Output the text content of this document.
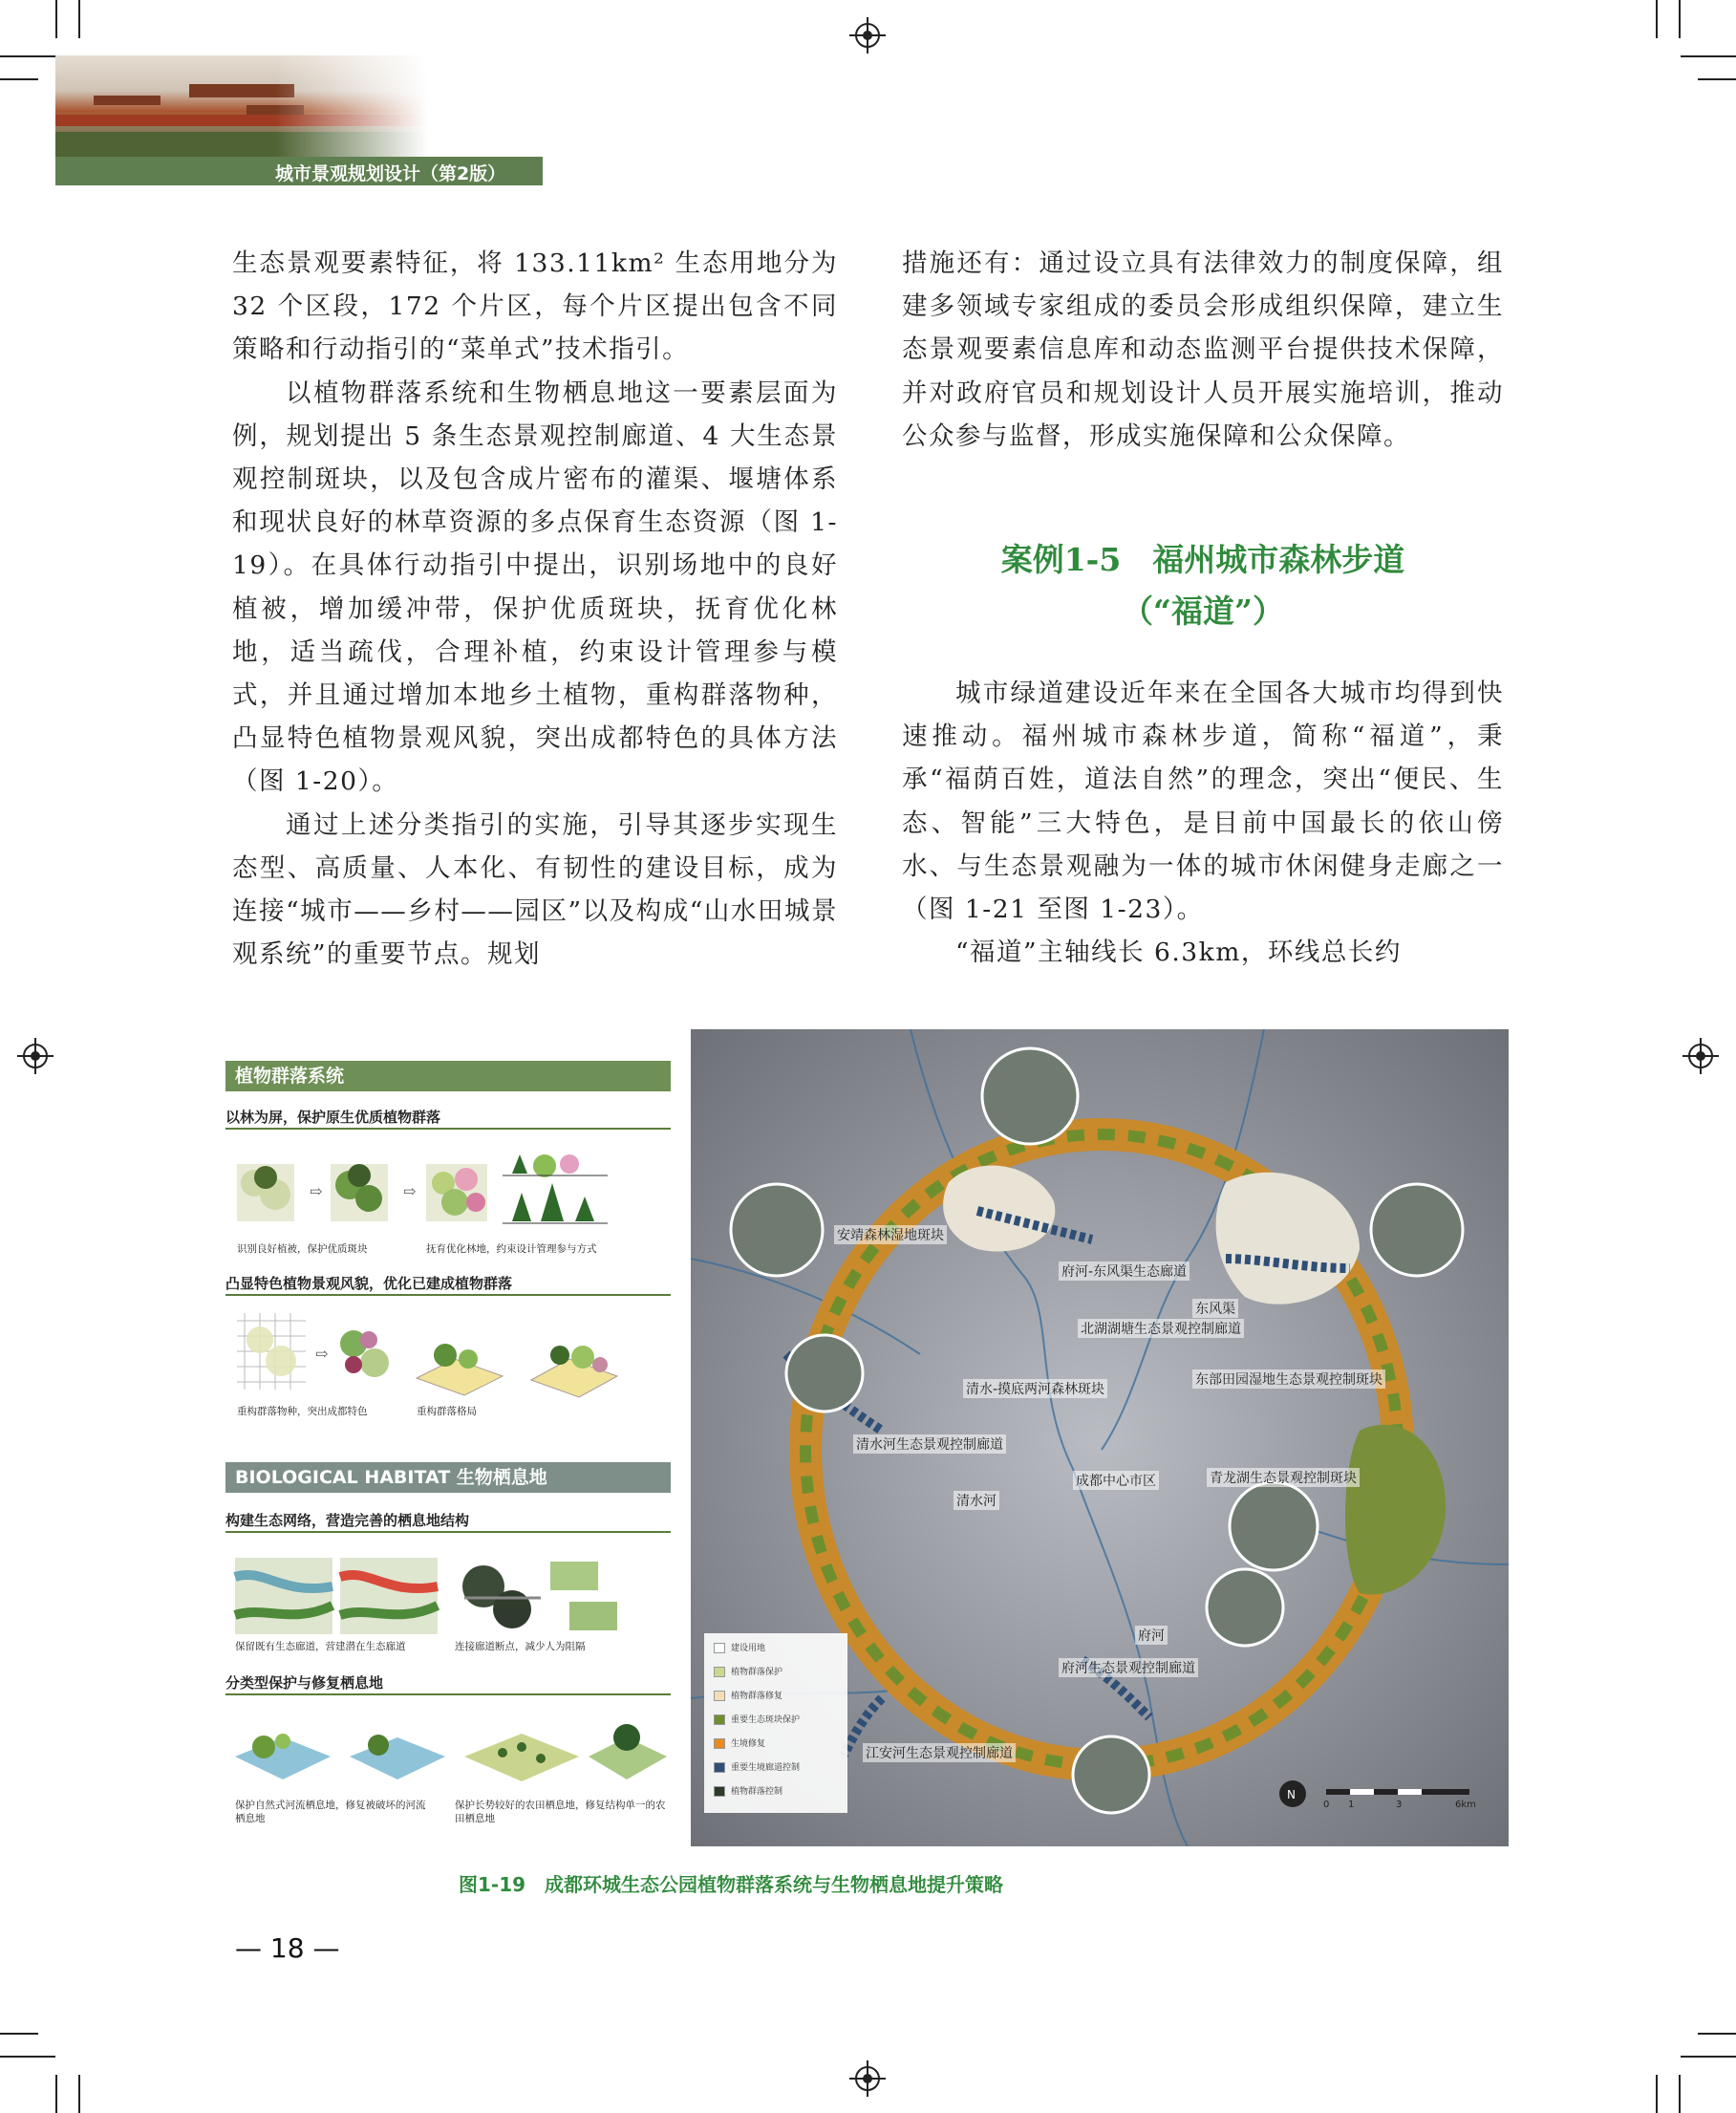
城市景观规划设计（第2版）

生态景观要素特征，将 133.11km² 生态用地分为 32 个区段，172 个片区，每个片区提出包含不同策略和行动指引的“菜单式”技术指引。

以植物群落系统和生物栖息地这一要素层面为例，规划提出 5 条生态景观控制廊道、4 大生态景观控制斑块，以及包含成片密布的灌渠、堰塘体系和现状良好的林草资源的多点保育生态资源（图 1-19）。在具体行动指引中提出，识别场地中的良好植被，增加缓冲带，保护优质斑块，抚育优化林地，适当疏伐，合理补植，约束设计管理参与模式，并且通过增加本地乡土植物，重构群落物种，凸显特色植物景观风貌，突出成都特色的具体方法（图 1-20）。

通过上述分类指引的实施，引导其逐步实现生态型、高质量、人本化、有韧性的建设目标，成为连接“城市——乡村——园区”以及构成“山水田城景观系统”的重要节点。规划

措施还有：通过设立具有法律效力的制度保障，组建多领域专家组成的委员会形成组织保障，建立生态景观要素信息库和动态监测平台提供技术保障，并对政府官员和规划设计人员开展实施培训，推动公众参与监督，形成实施保障和公众保障。

案例1-5　福州城市森林步道
（“福道”）

城市绿道建设近年来在全国各大城市均得到快速推动。福州城市森林步道，简称“福道”，秉承“福荫百姓，道法自然”的理念，突出“便民、生态、智能”三大特色，是目前中国最长的依山傍水、与生态景观融为一体的城市休闲健身走廊之一（图 1-21 至图 1-23）。

“福道”主轴线长 6.3km，环线总长约

植物群落系统
以林为屏，保护原生优质植物群落
⇨	⇨
识别良好植被，保护优质斑块	抚育优化林地，约束设计管理参与方式
凸显特色植物景观风貌，优化已建成植物群落
⇨
重构群落物种，突出成都特色	重构群落格局
BIOLOGICAL HABITAT 生物栖息地
构建生态网络，营造完善的栖息地结构
保留既有生态廊道，营建潜在生态廊道	连接廊道断点，减少人为阻隔
分类型保护与修复栖息地
保护自然式河流栖息地，修复被破坏的河流栖息地
保护长势较好的农田栖息地，修复结构单一的农田栖息地
N
安靖森林湿地斑块
府河-东风渠生态廊道
东风渠
北湖湖塘生态景观控制廊道
清水-摸底两河森林斑块
东部田园湿地生态景观控制斑块
清水河生态景观控制廊道
清水河
成都中心市区	青龙湖生态景观控制斑块
府河
府河生态景观控制廊道
江安河生态景观控制廊道
建设用地
植物群落保护
植物群落修复
重要生态斑块保护
生境修复
重要生境廊道控制
植物群落控制
0 1	3	6km
图1-19　成都环城生态公园植物群落系统与生物栖息地提升策略
— 18 —
